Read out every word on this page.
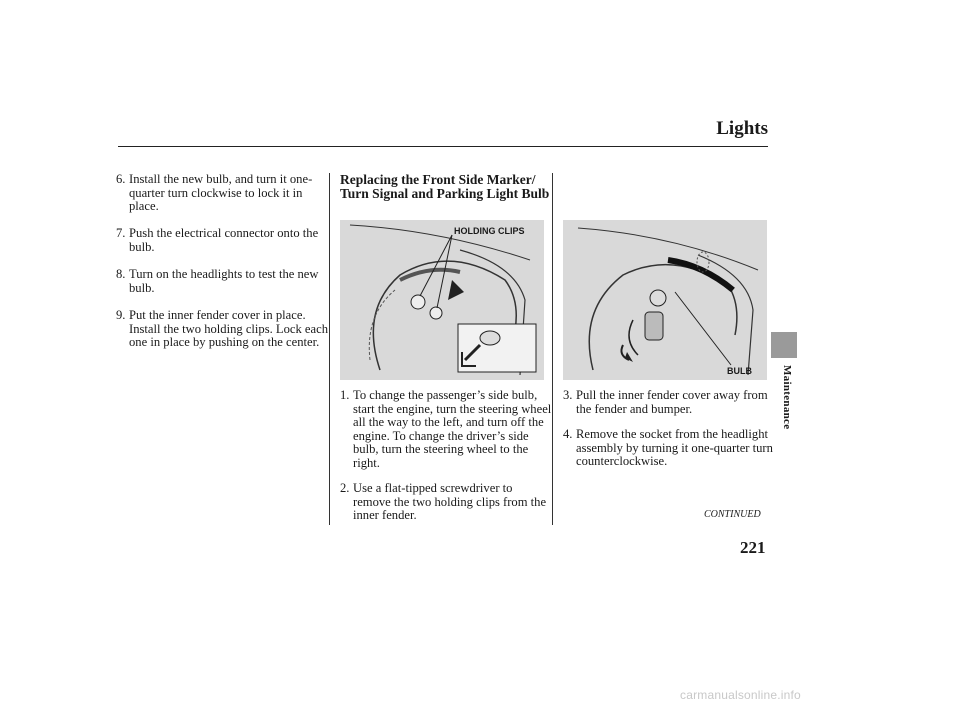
Lights
Maintenance
6. Install the new bulb, and turn it one-quarter turn clockwise to lock it in place.
7. Push the electrical connector onto the bulb.
8. Turn on the headlights to test the new bulb.
9. Put the inner fender cover in place. Install the two holding clips. Lock each one in place by pushing on the center.
Replacing the Front Side Marker/ Turn Signal and Parking Light Bulb
HOLDING CLIPS
1. To change the passenger’s side bulb, start the engine, turn the steering wheel all the way to the left, and turn off the engine. To change the driver’s side bulb, turn the steering wheel to the right.
2. Use a flat-tipped screwdriver to remove the two holding clips from the inner fender.
BULB
3. Pull the inner fender cover away from the fender and bumper.
4. Remove the socket from the headlight assembly by turning it one-quarter turn counterclockwise.
CONTINUED
221
carmanualsonline.info
